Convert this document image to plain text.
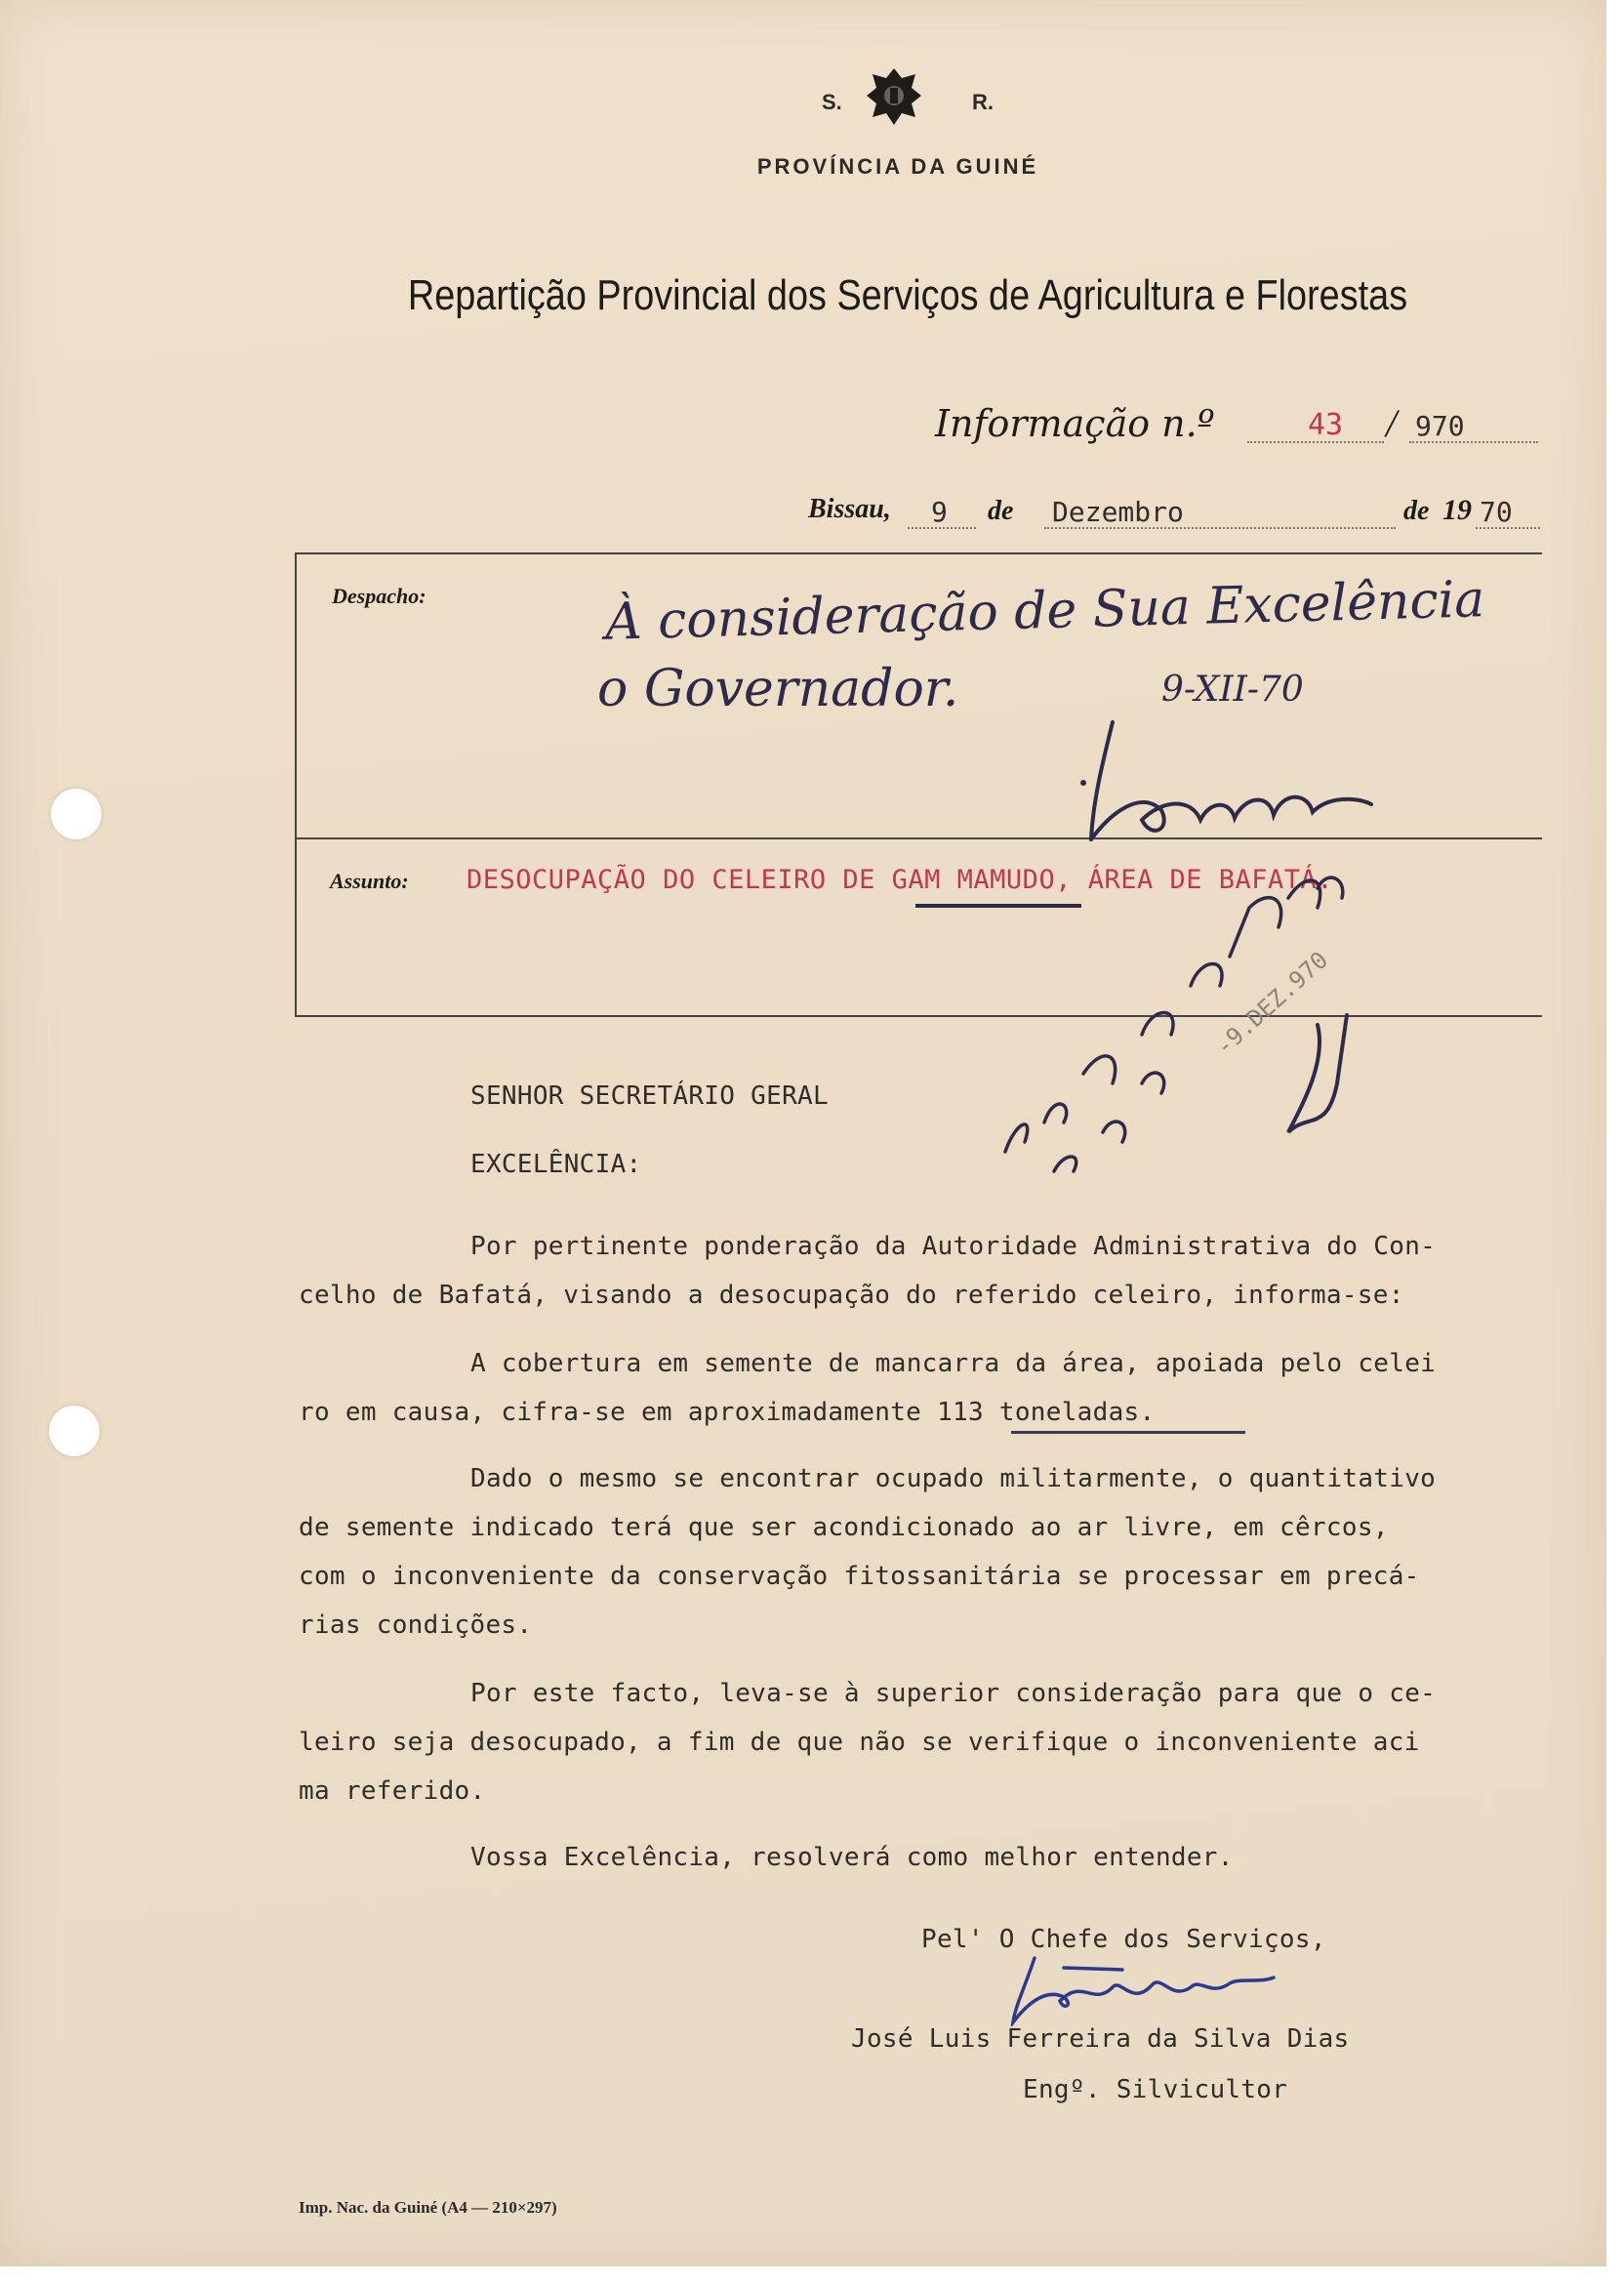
S.	R.
PROVÍNCIA DA GUINÉ
Repartição Provincial dos Serviços de Agricultura e Florestas
Informação n.º	43 / 970
Bissau, 9 de Dezembro	de 19 70
Despacho:	À consideração de Sua Excelência
o Governador.	9-XII-70
Assunto: DESOCUPAÇÃO DO CELEIRO DE GAM MAMUDO, ÁREA DE BAFATÁ.
-9.DEZ.970
SENHOR SECRETÁRIO GERAL
EXCELÊNCIA:
Por pertinente ponderação da Autoridade Administrativa do Con-
celho de Bafatá, visando a desocupação do referido celeiro, informa-se:
A cobertura em semente de mancarra da área, apoiada pelo celei
ro em causa, cifra-se em aproximadamente 113 toneladas.
Dado o mesmo se encontrar ocupado militarmente, o quantitativo
de semente indicado terá que ser acondicionado ao ar livre, em cêrcos,
com o inconveniente da conservação fitossanitária se processar em precá-
rias condições.
Por este facto, leva-se à superior consideração para que o ce-
leiro seja desocupado, a fim de que não se verifique o inconveniente aci
ma referido.
Vossa Excelência, resolverá como melhor entender.
Pel' O Chefe dos Serviços,
José Luis Ferreira da Silva Dias
Engº. Silvicultor
Imp. Nac. da Guiné (A4 — 210×297)
